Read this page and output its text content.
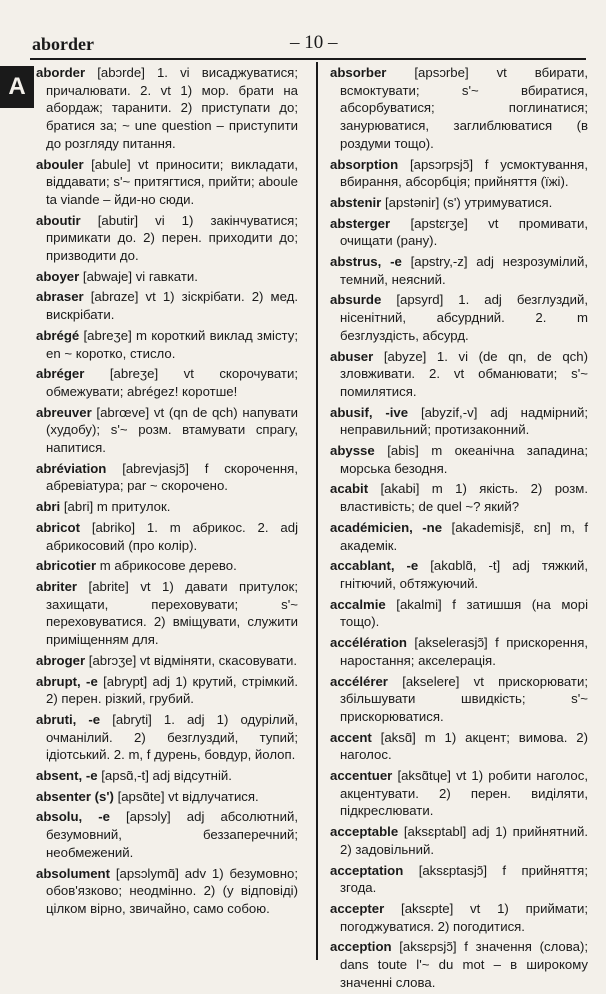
aborder	– 10 –
A

aborder [abɔrde] 1. vi висаджуватися; причалювати. 2. vt 1) мор. брати на абордаж; таранити. 2) приступати до; братися за; ~ une question – приступити до розгляду питання.

abouler [abule] vt приносити; викладати, віддавати; s'~ притягтися, прийти; aboule ta viande – йди-но сюди.

aboutir [abutir] vi 1) закінчуватися; примикати до. 2) перен. приходити до; призводити до.

aboyer [abwaje] vi гавкати.

abraser [abrɑze] vt 1) зіскрібати. 2) мед. вискрібати.

abrégé [abreʒe] m короткий виклад змісту; en ~ коротко, стисло.

abréger [abreʒe] vt скорочувати; обмежувати; abrégez! коротше!

abreuver [abrœve] vt (qn de qch) напувати (худобу); s'~ розм. втамувати спрагу, напитися.

abréviation [abrevjasjɔ̃] f скорочення, абревіатура; par ~ скорочено.

abri [abri] m притулок.

abricot [abriko] 1. m абрикос. 2. adj абрикосовий (про колір).

abricotier m абрикосове дерево.

abriter [abrite] vt 1) давати притулок; захищати, переховувати; s'~ переховуватися. 2) вміщувати, служити приміщенням для.

abroger [abrɔʒe] vt відміняти, скасовувати.

abrupt, -e [abrypt] adj 1) крутий, стрімкий. 2) перен. різкий, грубий.

abruti, -e [abryti] 1. adj 1) одурілий, очманілий. 2) безглуздий, тупий; ідіотський. 2. m, f дурень, бовдур, йолоп.

absent, -e [apsɑ̃,-t] adj відсутній.

absenter (s') [apsɑ̃te] vt відлучатися.

absolu, -e [apsɔly] adj абсолютний, безумовний, беззаперечний; необмежений.

absolument [apsɔlymɑ̃] adv 1) безумовно; обов'язково; неодмінно. 2) (у відповіді) цілком вірно, звичайно, само собою.

absorber [apsɔrbe] vt вбирати, всмоктувати; s'~ вбиратися, абсорбуватися; поглинатися; занурюватися, заглиблюватися (в роздуми тощо).

absorption [apsɔrpsjɔ̃] f усмоктування, вбирання, абсорбція; прийняття (їжі).

abstenir [apstənir] (s') утримуватися.

absterger [apstɛrʒe] vt промивати, очищати (рану).

abstrus, -e [apstry,-z] adj незрозумілий, темний, неясний.

absurde [apsyrd] 1. adj безглуздий, нісенітний, абсурдний. 2. m безглуздість, абсурд.

abuser [abyze] 1. vi (de qn, de qch) зловживати. 2. vt обманювати; s'~ помилятися.

abusif, -ive [abyzif,-v] adj надмірний; неправильний; протизаконний.

abysse [abis] m океанічна западина; морська безодня.

acabit [akabi] m 1) якість. 2) розм. властивість; de quel ~? який?

académicien, -ne [akademisjɛ̃, ɛn] m, f академік.

accablant, -e [akɑblɑ̃, -t] adj тяжкий, гнітючий, обтяжуючий.

accalmie [akalmi] f затишшя (на морі тощо).

accélération [akselerasjɔ̃] f прискорення, наростання; акселерація.

accélérer [akselere] vt прискорювати; збільшувати швидкість; s'~ прискорюватися.

accent [aksɑ̃] m 1) акцент; вимова. 2) наголос.

accentuer [aksɑ̃tɥe] vt 1) робити наголос, акцентувати. 2) перен. виділяти, підкреслювати.

acceptable [aksɛptabl] adj 1) прийнятний. 2) задовільний.

acceptation [aksɛptasjɔ̃] f прийняття; згода.

accepter [aksɛpte] vt 1) приймати; погоджуватися. 2) погодитися.

acception [aksɛpsjɔ̃] f значення (слова); dans toute l'~ du mot – в широкому значенні слова.
